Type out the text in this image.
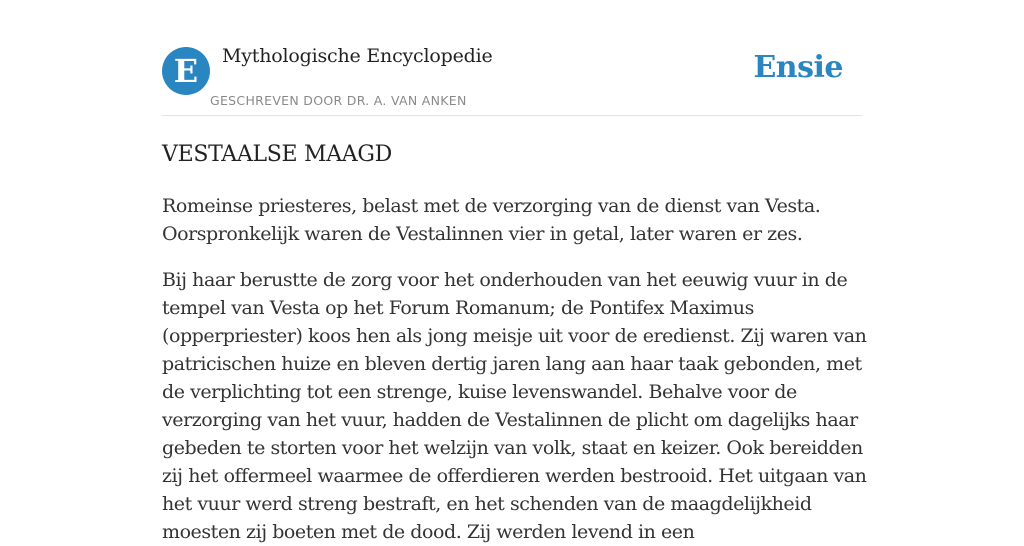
E	Mythologische Encyclopedie
GESCHREVEN DOOR DR. A. VAN ANKEN
Ensie
VESTAALSE MAAGD

Romeinse priesteres, belast met de verzorging van de dienst van Vesta. Oorspronkelijk waren de Vestalinnen vier in getal, later waren er zes.

Bij haar berustte de zorg voor het onderhouden van het eeuwig vuur in de tempel van Vesta op het Forum Romanum; de Pontifex Maximus (opperpriester) koos hen als jong meisje uit voor de eredienst. Zij waren van patricischen huize en bleven dertig jaren lang aan haar taak gebonden, met de verplichting tot een strenge, kuise levenswandel. Behalve voor de verzorging van het vuur, hadden de Vestalinnen de plicht om dagelijks haar gebeden te storten voor het welzijn van volk, staat en keizer. Ook bereidden zij het offermeel waarmee de offerdieren werden bestrooid. Het uitgaan van het vuur werd streng bestraft, en het schenden van de maagdelijkheid moesten zij boeten met de dood. Zij werden levend in een
